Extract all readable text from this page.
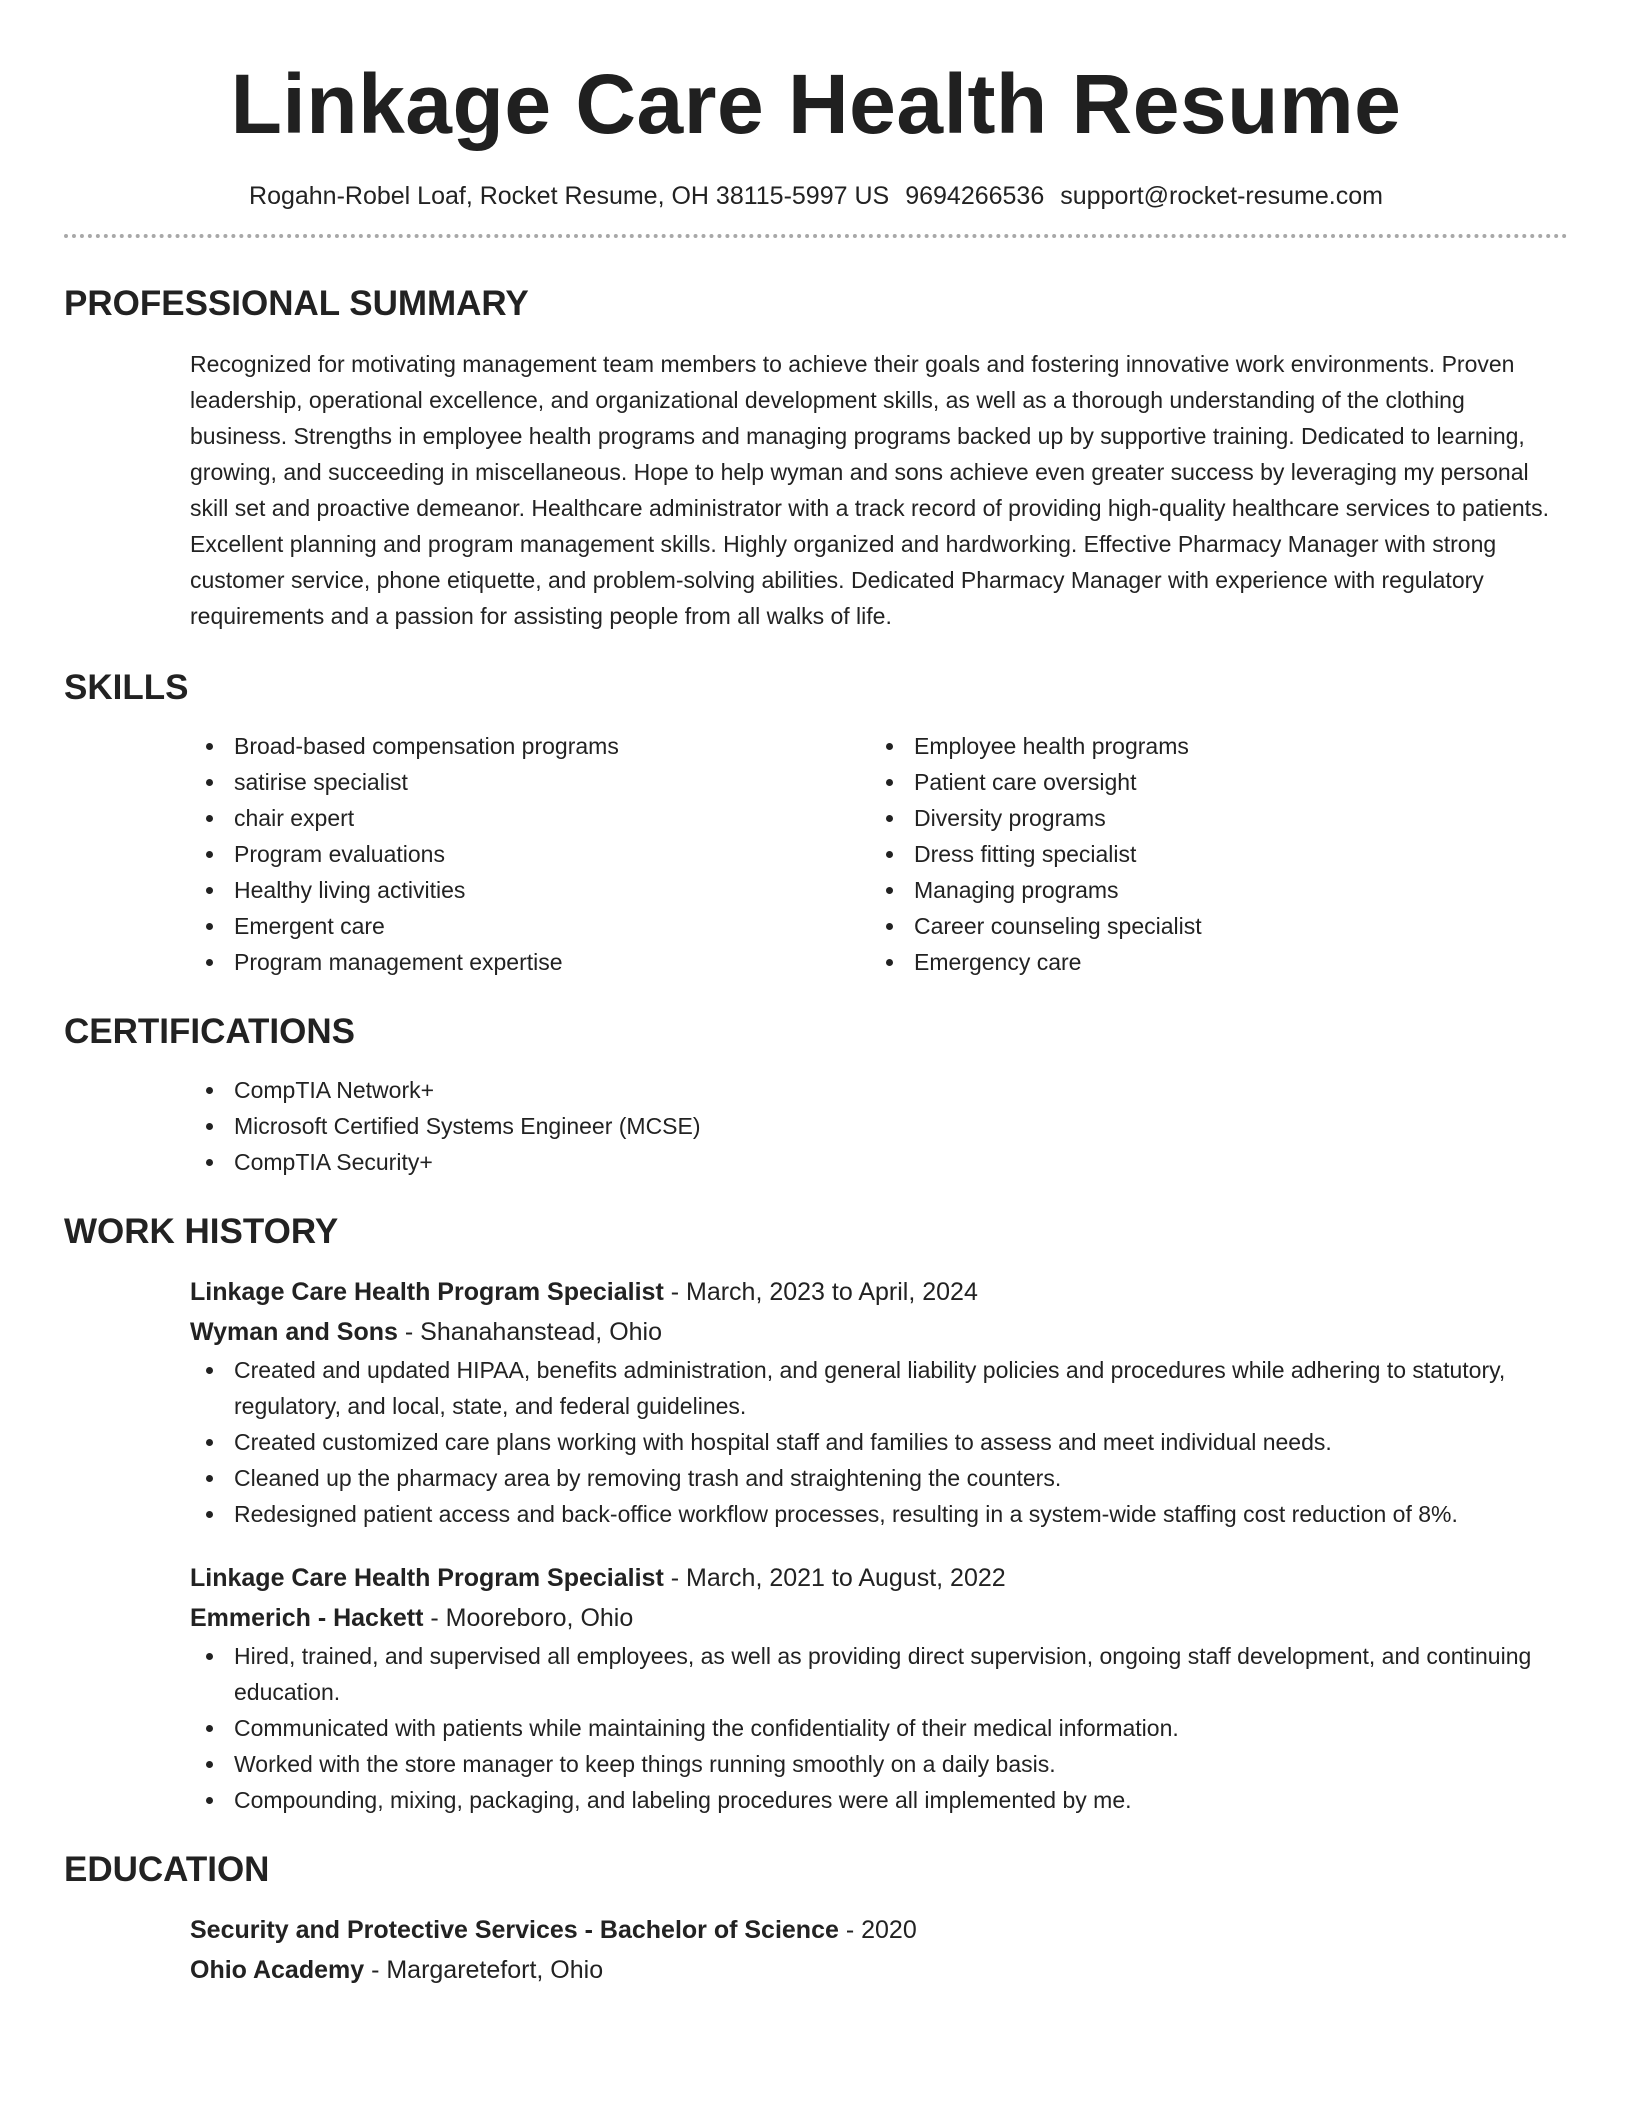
Linkage Care Health Resume
Rogahn-Robel Loaf, Rocket Resume, OH 38115-5997 US 9694266536 support@rocket-resume.com
PROFESSIONAL SUMMARY

Recognized for motivating management team members to achieve their goals and fostering innovative work environments. Proven leadership, operational excellence, and organizational development skills, as well as a thorough understanding of the clothing business. Strengths in employee health programs and managing programs backed up by supportive training. Dedicated to learning, growing, and succeeding in miscellaneous. Hope to help wyman and sons achieve even greater success by leveraging my personal skill set and proactive demeanor. Healthcare administrator with a track record of providing high-quality healthcare services to patients. Excellent planning and program management skills. Highly organized and hardworking. Effective Pharmacy Manager with strong customer service, phone etiquette, and problem-solving abilities. Dedicated Pharmacy Manager with experience with regulatory requirements and a passion for assisting people from all walks of life.

SKILLS
Broad-based compensation programs
satirise specialist
chair expert
Program evaluations
Healthy living activities
Emergent care
Program management expertise
Employee health programs
Patient care oversight
Diversity programs
Dress fitting specialist
Managing programs
Career counseling specialist
Emergency care
CERTIFICATIONS
CompTIA Network+
Microsoft Certified Systems Engineer (MCSE)
CompTIA Security+
WORK HISTORY
Linkage Care Health Program Specialist - March, 2023 to April, 2024
Wyman and Sons - Shanahanstead, Ohio
Created and updated HIPAA, benefits administration, and general liability policies and procedures while adhering to statutory, regulatory, and local, state, and federal guidelines.
Created customized care plans working with hospital staff and families to assess and meet individual needs.
Cleaned up the pharmacy area by removing trash and straightening the counters.
Redesigned patient access and back-office workflow processes, resulting in a system-wide staffing cost reduction of 8%.
Linkage Care Health Program Specialist - March, 2021 to August, 2022
Emmerich - Hackett - Mooreboro, Ohio
Hired, trained, and supervised all employees, as well as providing direct supervision, ongoing staff development, and continuing education.
Communicated with patients while maintaining the confidentiality of their medical information.
Worked with the store manager to keep things running smoothly on a daily basis.
Compounding, mixing, packaging, and labeling procedures were all implemented by me.
EDUCATION
Security and Protective Services - Bachelor of Science - 2020
Ohio Academy - Margaretefort, Ohio
